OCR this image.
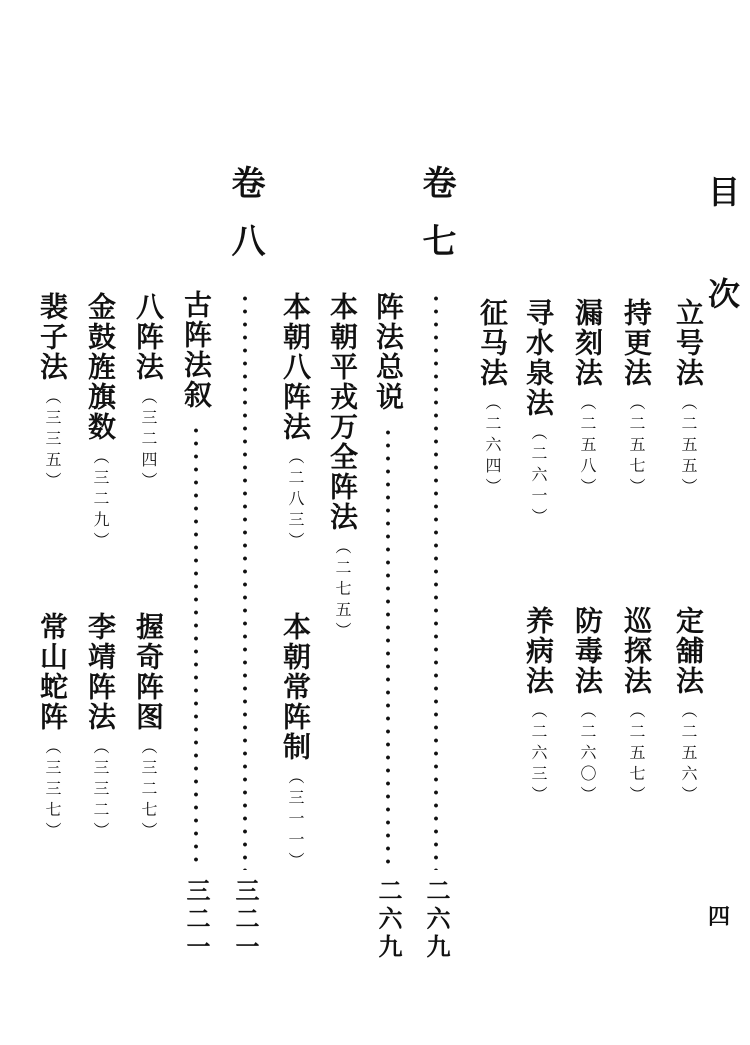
目次
四
立号法（二五五）
定舖法（二五六）
持更法（二五七）
巡探法（二五七）
漏刻法（二五八）
防毒法（二六〇）
寻水泉法（二六一）
养病法（二六三）
征马法（二六四）
卷七
二六九
阵法总说
二六九
本朝平戎万全阵法（二七五）
本朝八阵法（二八三）
本朝常阵制（三一一）
卷八
三二一
古阵法叙
三二一
八阵法（三二四）
握奇阵图（三二七）
金鼓旌旗数（三二九）
李靖阵法（三三二）
裴子法（三三五）
常山蛇阵（三三七）
